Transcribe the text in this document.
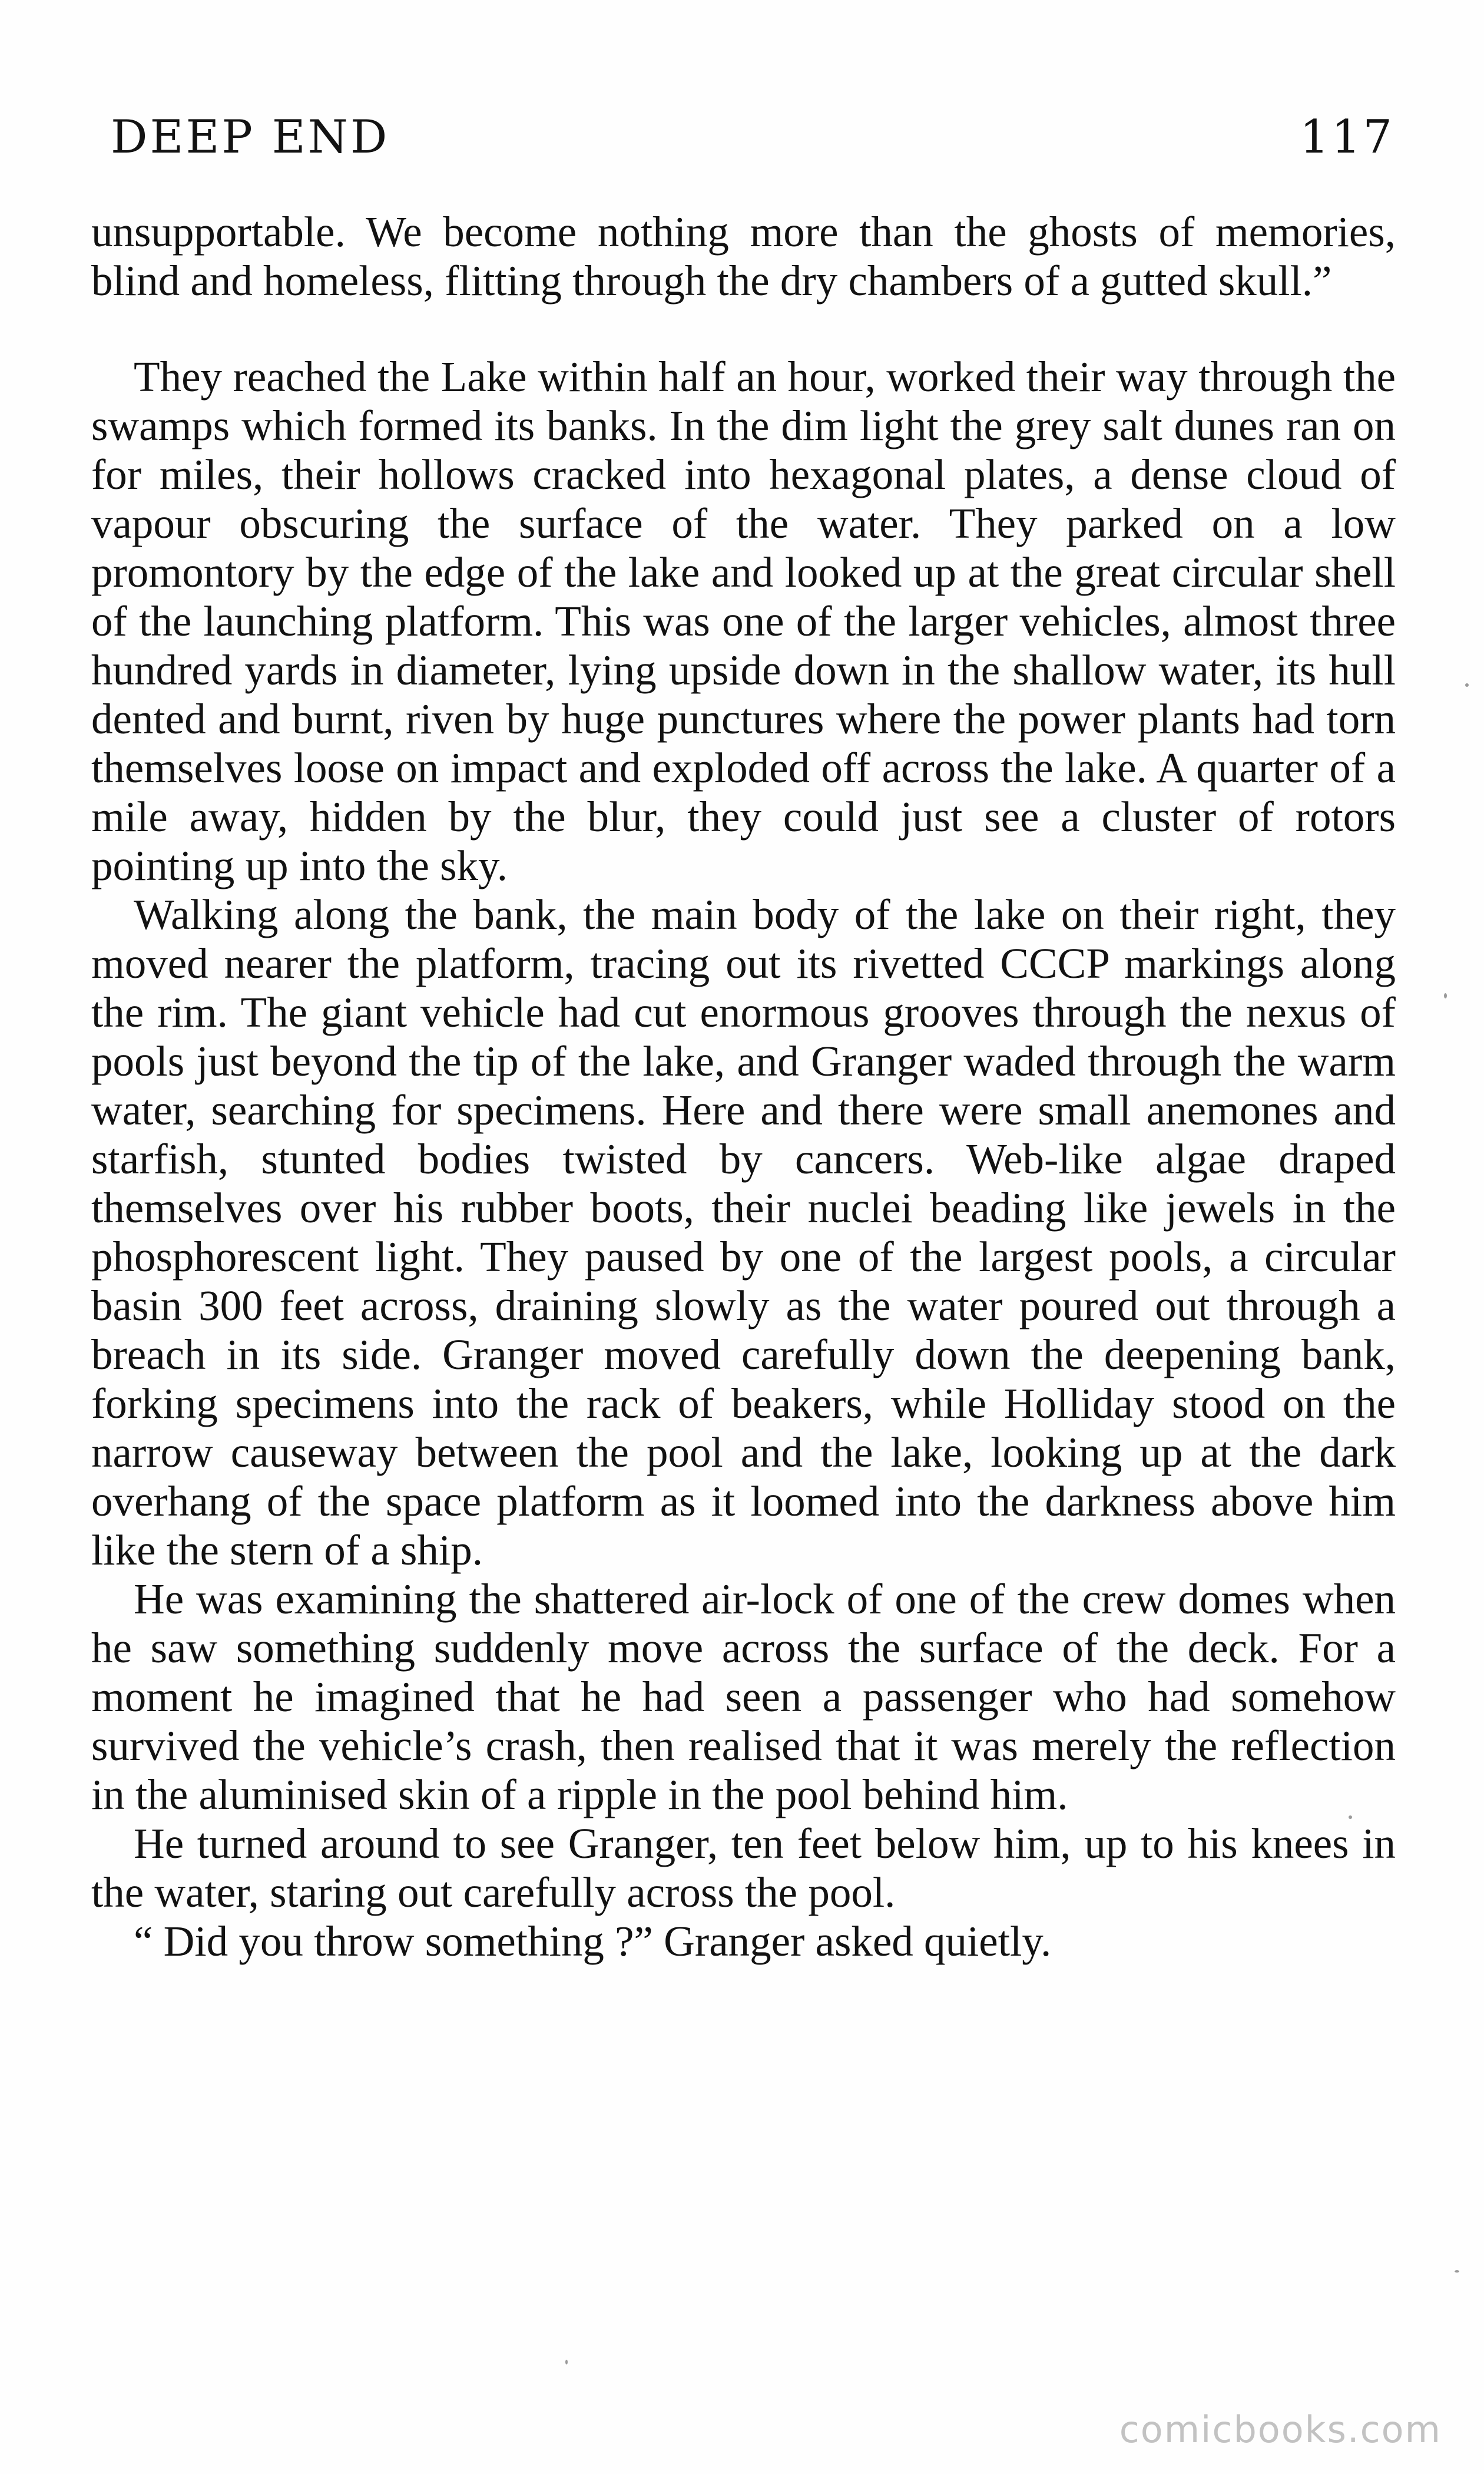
DEEP END	117

unsupportable. We become nothing more than the ghosts of memories, blind and homeless, flitting through the dry chambers of a gutted skull.”

They reached the Lake within half an hour, worked their way through the swamps which formed its banks. In the dim light the grey salt dunes ran on for miles, their hollows cracked into hexagonal plates, a dense cloud of vapour obscuring the surface of the water. They parked on a low promontory by the edge of the lake and looked up at the great circular shell of the launching platform. This was one of the larger vehicles, almost three hundred yards in diameter, lying upside down in the shallow water, its hull dented and burnt, riven by huge punctures where the power plants had torn themselves loose on impact and exploded off across the lake. A quarter of a mile away, hidden by the blur, they could just see a cluster of rotors pointing up into the sky.

Walking along the bank, the main body of the lake on their right, they moved nearer the platform, tracing out its rivetted CCCP markings along the rim. The giant vehicle had cut enormous grooves through the nexus of pools just beyond the tip of the lake, and Granger waded through the warm water, searching for specimens. Here and there were small anemones and starfish, stunted bodies twisted by cancers. Web-like algae draped themselves over his rubber boots, their nuclei beading like jewels in the phosphorescent light. They paused by one of the largest pools, a circular basin 300 feet across, draining slowly as the water poured out through a breach in its side. Granger moved carefully down the deepening bank, forking specimens into the rack of beakers, while Holliday stood on the narrow causeway between the pool and the lake, looking up at the dark overhang of the space platform as it loomed into the darkness above him like the stern of a ship.

He was examining the shattered air-lock of one of the crew domes when he saw something suddenly move across the surface of the deck. For a moment he imagined that he had seen a passenger who had somehow survived the vehicle’s crash, then realised that it was merely the reflection in the aluminised skin of a ripple in the pool behind him.

He turned around to see Granger, ten feet below him, up to his knees in the water, staring out carefully across the pool.

“ Did you throw something ?” Granger asked quietly.

comicbooks.com
